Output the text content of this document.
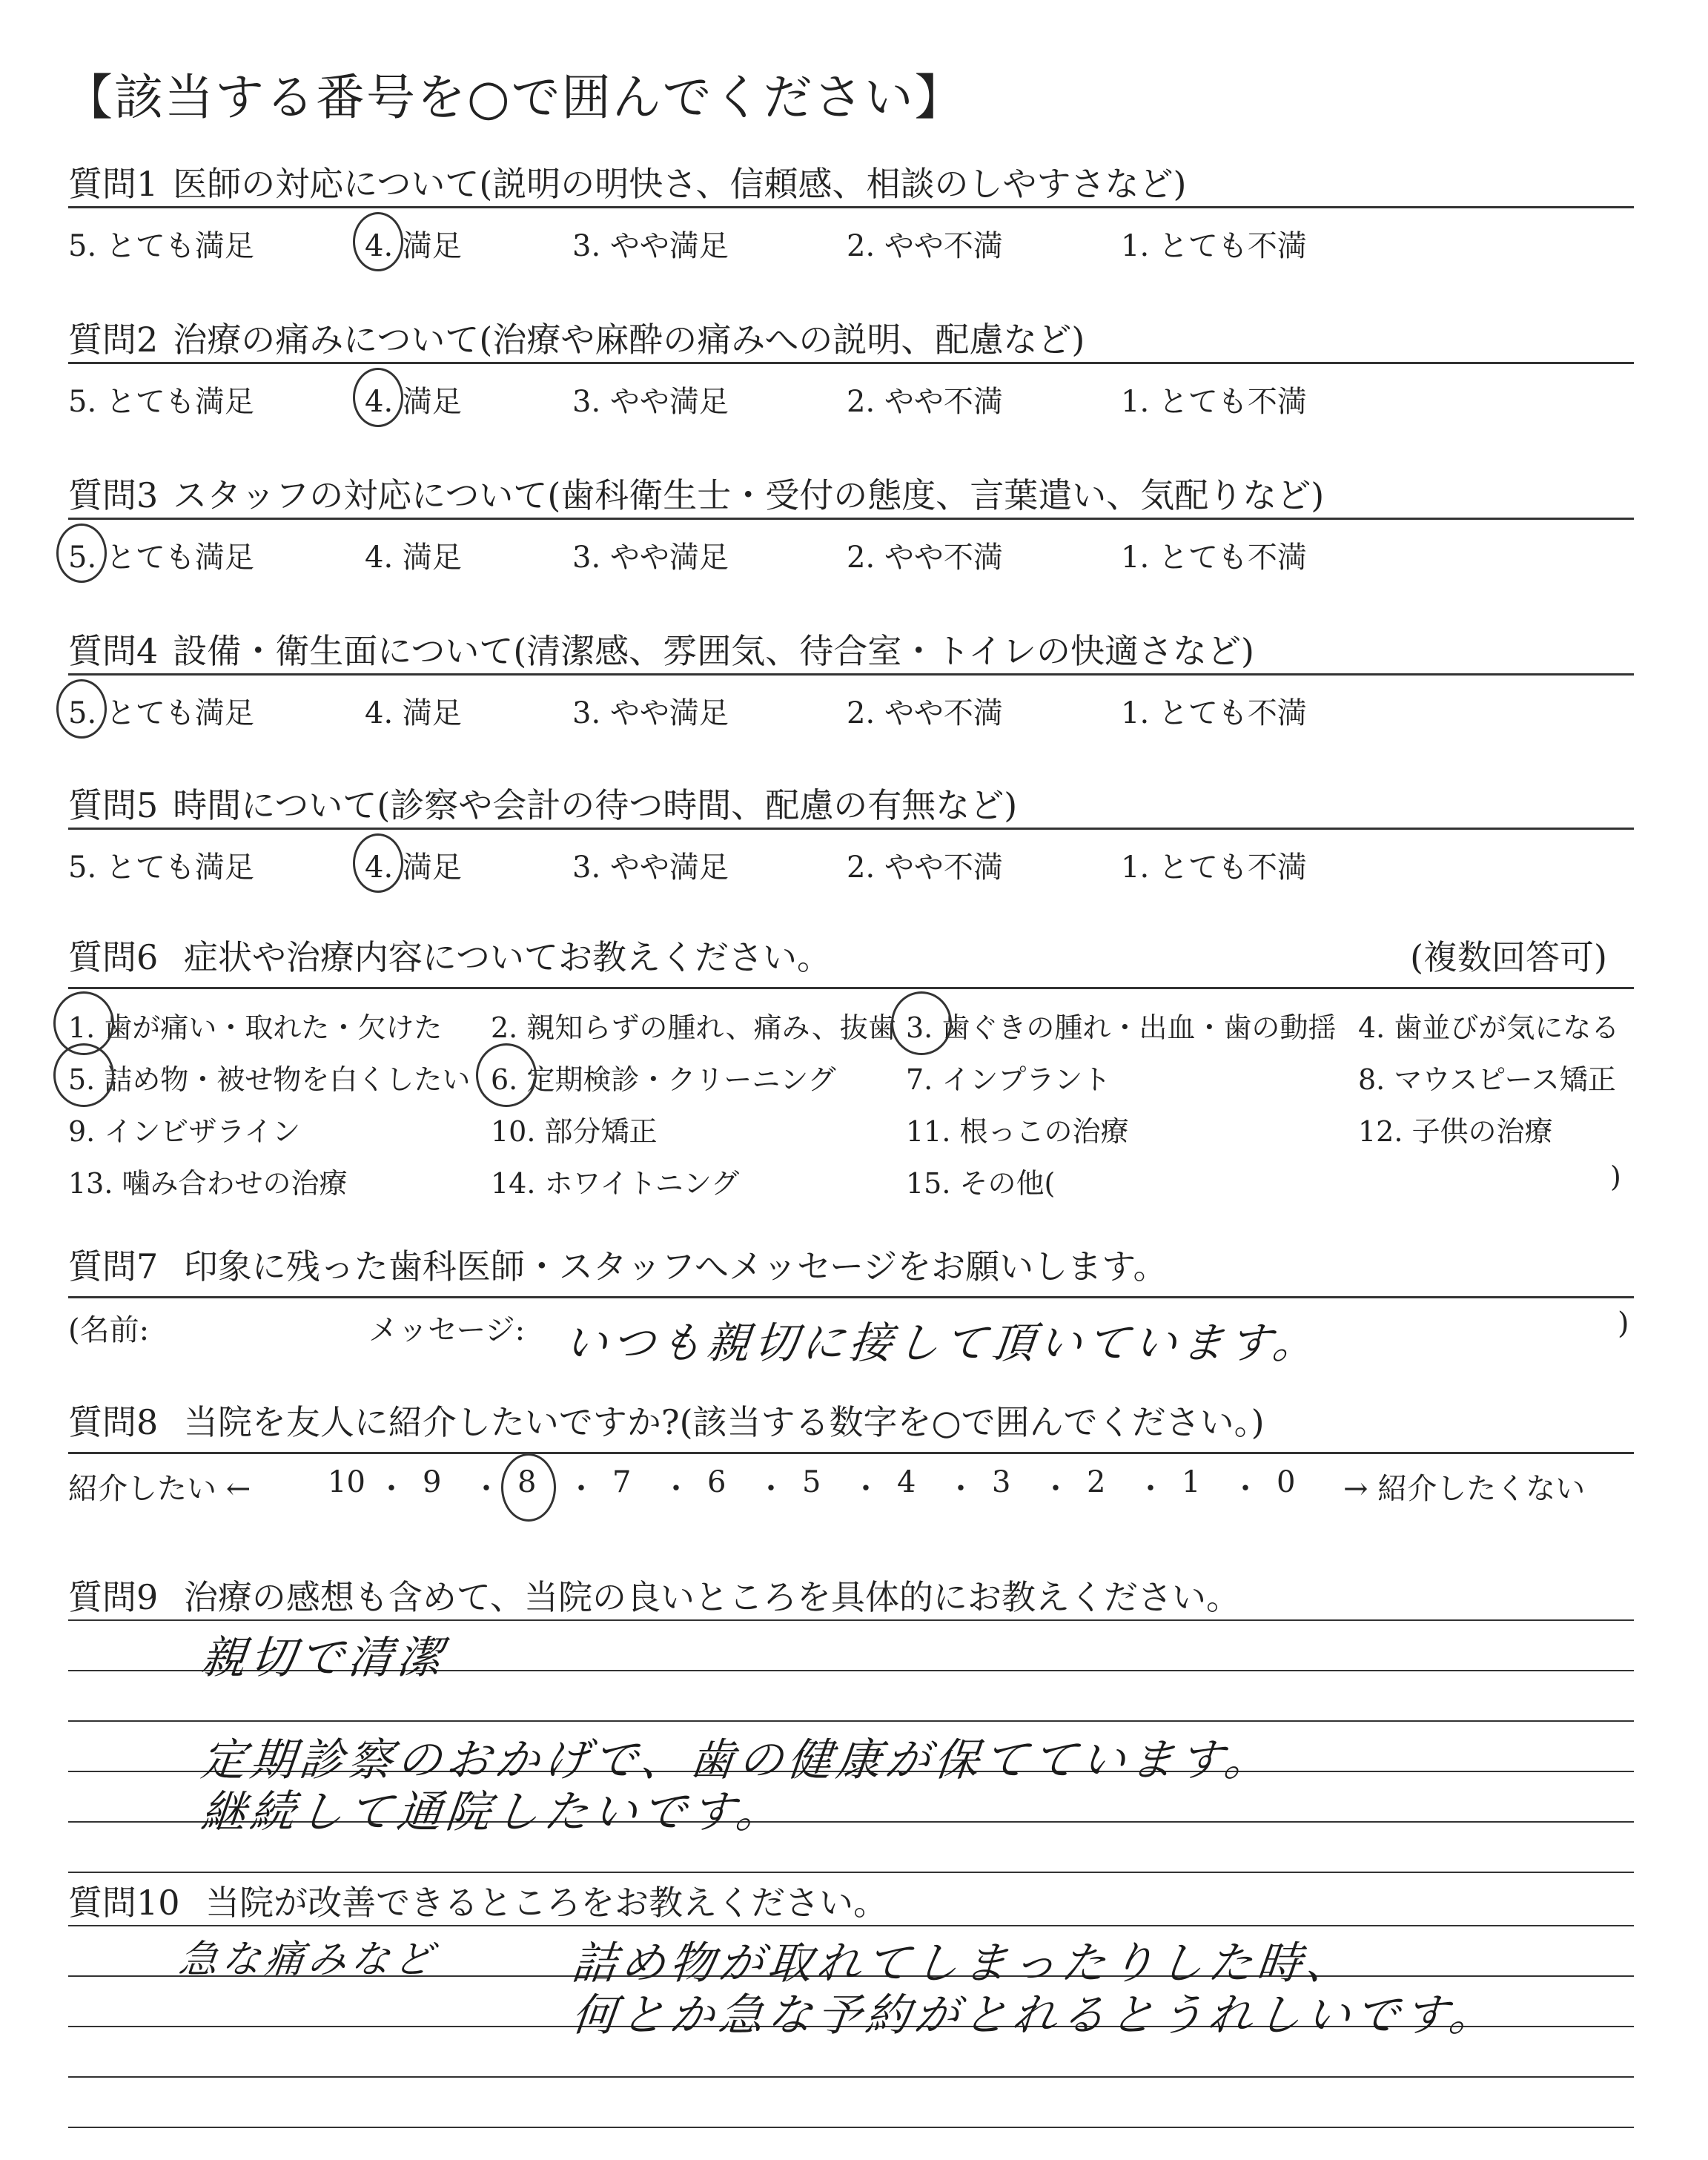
【該当する番号を○で囲んでください】
質問1 医師の対応について(説明の明快さ、信頼感、相談のしやすさなど)
5. とても満足	4. 満足	3. やや満足	2. やや不満	1. とても不満
質問2 治療の痛みについて(治療や麻酔の痛みへの説明、配慮など)
5. とても満足	4. 満足	3. やや満足	2. やや不満	1. とても不満
質問3 スタッフの対応について(歯科衛生士・受付の態度、言葉遣い、気配りなど)
5. とても満足	4. 満足	3. やや満足	2. やや不満	1. とても不満
質問4 設備・衛生面について(清潔感、雰囲気、待合室・トイレの快適さなど)
5. とても満足	4. 満足	3. やや満足	2. やや不満	1. とても不満
質問5 時間について(診察や会計の待つ時間、配慮の有無など)
5. とても満足	4. 満足	3. やや満足	2. やや不満	1. とても不満
質問6 症状や治療内容についてお教えください。	(複数回答可)
1. 歯が痛い・取れた・欠けた 2. 親知らずの腫れ、痛み、抜歯 3. 歯ぐきの腫れ・出血・歯の動揺 4. 歯並びが気になる
5. 詰め物・被せ物を白くしたい 6. 定期検診・クリーニング 7. インプラント	8. マウスピース矯正
9. インビザライン	10. 部分矯正	11. 根っこの治療	12. 子供の治療
13. 噛み合わせの治療	14. ホワイトニング	15. その他(	)
質問7 印象に残った歯科医師・スタッフへメッセージをお願いします。
(名前:	メッセージ: いつも親切に接して頂いています。	)
質問8 当院を友人に紹介したいですか?(該当する数字を○で囲んでください。)
紹介したい ←	→ 紹介したくない
10 ・ 9 ・ 8 ・ 7 ・ 6 ・ 5 ・ 4 ・ 3 ・ 2 ・ 1 ・ 0
質問9 治療の感想も含めて、当院の良いところを具体的にお教えください。
親切で清潔
定期診察のおかげで、歯の健康が保てています。
継続して通院したいです。
質問10 当院が改善できるところをお教えください。
急な痛みなど	詰め物が取れてしまったりした時、
何とか急な予約がとれるとうれしいです。
